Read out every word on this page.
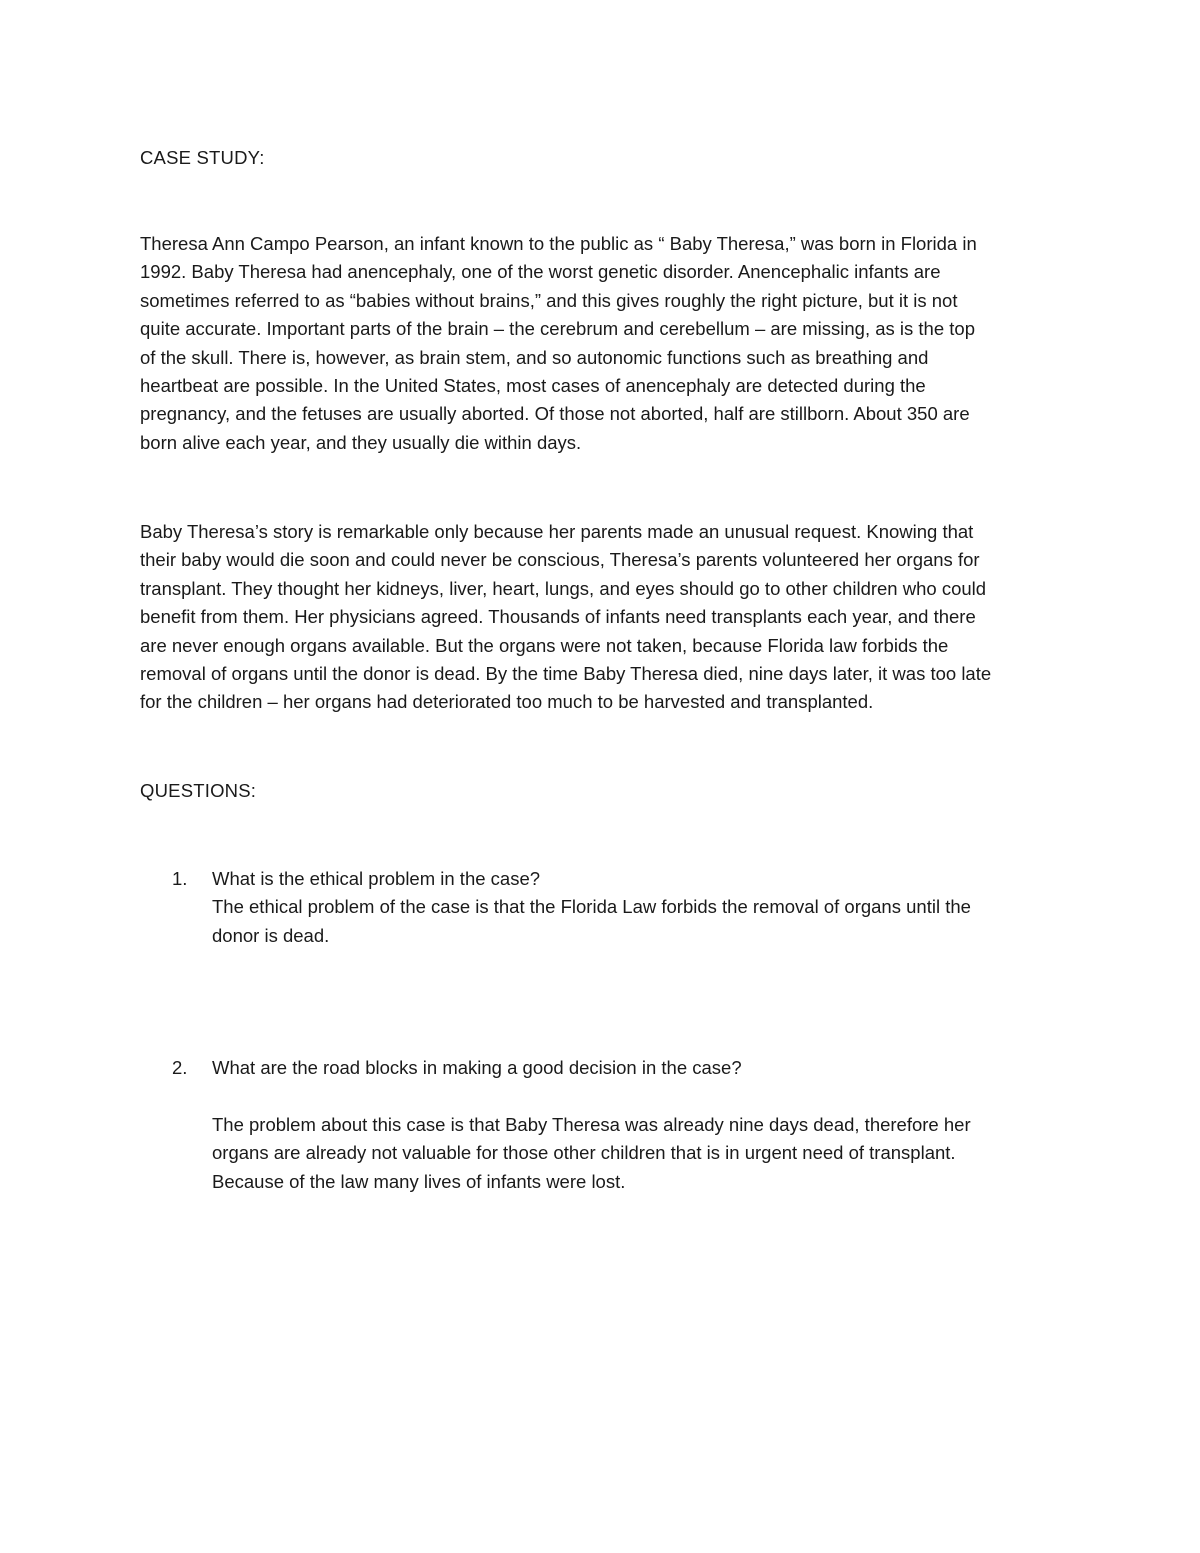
CASE STUDY:
Theresa Ann Campo Pearson, an infant known to the public as “ Baby Theresa,” was born in Florida in
1992. Baby Theresa had anencephaly, one of the worst genetic disorder. Anencephalic infants are
sometimes referred to as “babies without brains,” and this gives roughly the right picture, but it is not
quite accurate. Important parts of the brain – the cerebrum and cerebellum – are missing, as is the top
of the skull. There is, however, as brain stem, and so autonomic functions such as breathing and
heartbeat are possible. In the United States, most cases of anencephaly are detected during the
pregnancy, and the fetuses are usually aborted. Of those not aborted, half are stillborn. About 350 are
born alive each year, and they usually die within days.
Baby Theresa’s story is remarkable only because her parents made an unusual request. Knowing that
their baby would die soon and could never be conscious, Theresa’s parents volunteered her organs for
transplant. They thought her kidneys, liver, heart, lungs, and eyes should go to other children who could
benefit from them. Her physicians agreed. Thousands of infants need transplants each year, and there
are never enough organs available. But the organs were not taken, because Florida law forbids the
removal of organs until the donor is dead. By the time Baby Theresa died, nine days later, it was too late
for the children – her organs had deteriorated too much to be harvested and transplanted.
QUESTIONS:
1.	What is the ethical problem in the case?
The ethical problem of the case is that the Florida Law forbids the removal of organs until the
donor is dead.
2.	What are the road blocks in making a good decision in the case?
The problem about this case is that Baby Theresa was already nine days dead, therefore her
organs are already not valuable for those other children that is in urgent need of transplant.
Because of the law many lives of infants were lost.
